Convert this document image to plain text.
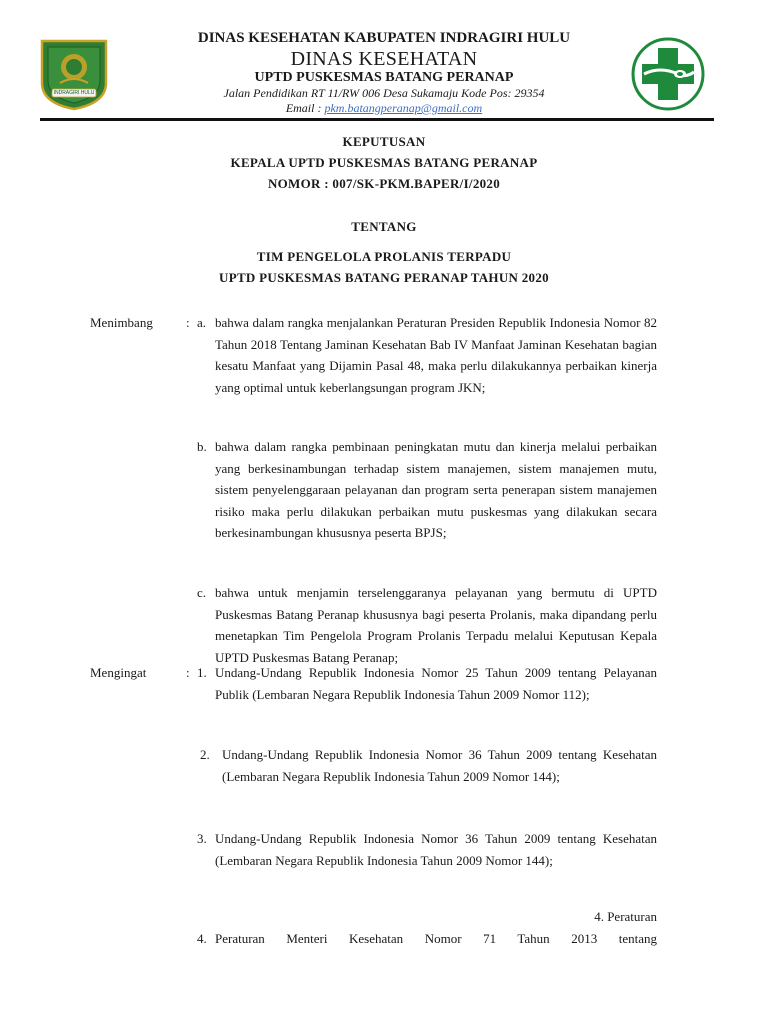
INDRAGIRI HULU
DINAS KESEHATAN KABUPATEN INDRAGIRI HULU
DINAS KESEHATAN
UPTD PUSKESMAS BATANG PERANAP
Jalan Pendidikan RT 11/RW 006 Desa Sukamaju Kode Pos: 29354
Email : pkm.batangperanap@gmail.com
KEPUTUSAN
KEPALA UPTD PUSKESMAS BATANG PERANAP
NOMOR : 007/SK-PKM.BAPER/I/2020
TENTANG
TIM PENGELOLA PROLANIS TERPADU
UPTD PUSKESMAS BATANG PERANAP TAHUN 2020
Menimbang	: a. bahwa dalam rangka menjalankan Peraturan Presiden Republik Indonesia Nomor 82 Tahun 2018 Tentang Jaminan Kesehatan Bab IV Manfaat Jaminan Kesehatan bagian kesatu Manfaat yang Dijamin Pasal 48, maka perlu dilakukannya perbaikan kinerja yang optimal untuk keberlangsungan program JKN;
b. bahwa dalam rangka pembinaan peningkatan mutu dan kinerja melalui perbaikan yang berkesinambungan terhadap sistem manajemen, sistem manajemen mutu, sistem penyelenggaraan pelayanan dan program serta penerapan sistem manajemen risiko maka perlu dilakukan perbaikan mutu puskesmas yang dilakukan secara berkesinambungan khususnya peserta BPJS;
c. bahwa untuk menjamin terselenggaranya pelayanan yang bermutu di UPTD Puskesmas Batang Peranap khususnya bagi peserta Prolanis, maka dipandang perlu menetapkan Tim Pengelola Program Prolanis Terpadu melalui Keputusan Kepala UPTD Puskesmas Batang Peranap;
Mengingat	: 1. Undang-Undang Republik Indonesia Nomor 25 Tahun 2009 tentang Pelayanan Publik (Lembaran Negara Republik Indonesia Tahun 2009 Nomor 112);
2. Undang-Undang Republik Indonesia Nomor 36 Tahun 2009 tentang Kesehatan (Lembaran Negara Republik Indonesia Tahun 2009 Nomor 144);
3. Undang-Undang Republik Indonesia Nomor 36 Tahun 2009 tentang Kesehatan (Lembaran Negara Republik Indonesia Tahun 2009 Nomor 144);
4. Peraturan
4. Peraturan Menteri Kesehatan Nomor 71 Tahun 2013 tentang
